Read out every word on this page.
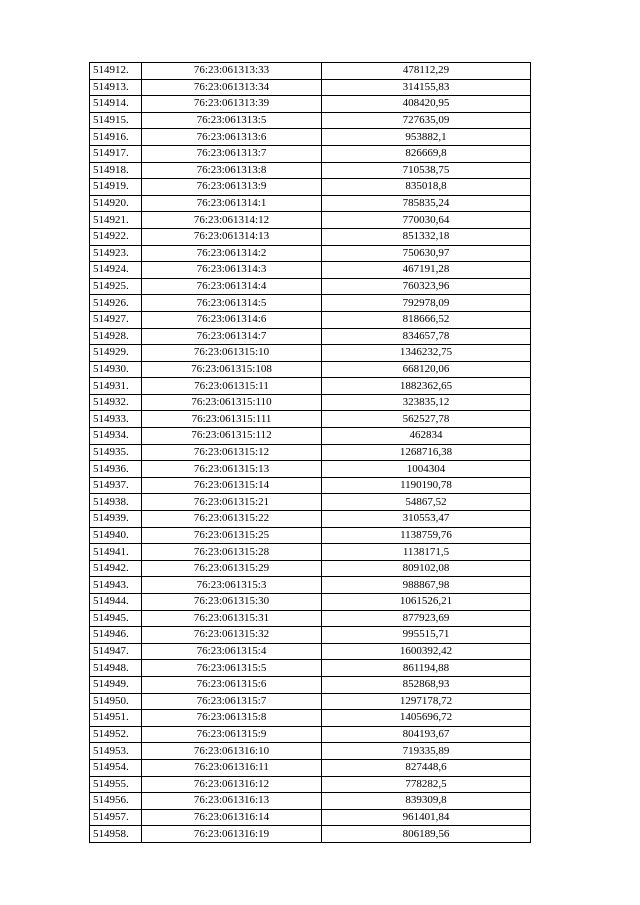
514912.	76:23:061313:33	478112,29
514913.	76:23:061313:34	314155,83
514914.	76:23:061313:39	408420,95
514915.	76:23:061313:5	727635,09
514916.	76:23:061313:6	953882,1
514917.	76:23:061313:7	826669,8
514918.	76:23:061313:8	710538,75
514919.	76:23:061313:9	835018,8
514920.	76:23:061314:1	785835,24
514921.	76:23:061314:12	770030,64
514922.	76:23:061314:13	851332,18
514923.	76:23:061314:2	750630,97
514924.	76:23:061314:3	467191,28
514925.	76:23:061314:4	760323,96
514926.	76:23:061314:5	792978,09
514927.	76:23:061314:6	818666,52
514928.	76:23:061314:7	834657,78
514929.	76:23:061315:10	1346232,75
514930.	76:23:061315:108	668120,06
514931.	76:23:061315:11	1882362,65
514932.	76:23:061315:110	323835,12
514933.	76:23:061315:111	562527,78
514934.	76:23:061315:112	462834
514935.	76:23:061315:12	1268716,38
514936.	76:23:061315:13	1004304
514937.	76:23:061315:14	1190190,78
514938.	76:23:061315:21	54867,52
514939.	76:23:061315:22	310553,47
514940.	76:23:061315:25	1138759,76
514941.	76:23:061315:28	1138171,5
514942.	76:23:061315:29	809102,08
514943.	76:23:061315:3	988867,98
514944.	76:23:061315:30	1061526,21
514945.	76:23:061315:31	877923,69
514946.	76:23:061315:32	995515,71
514947.	76:23:061315:4	1600392,42
514948.	76:23:061315:5	861194,88
514949.	76:23:061315:6	852868,93
514950.	76:23:061315:7	1297178,72
514951.	76:23:061315:8	1405696,72
514952.	76:23:061315:9	804193,67
514953.	76:23:061316:10	719335,89
514954.	76:23:061316:11	827448,6
514955.	76:23:061316:12	778282,5
514956.	76:23:061316:13	839309,8
514957.	76:23:061316:14	961401,84
514958.	76:23:061316:19	806189,56
